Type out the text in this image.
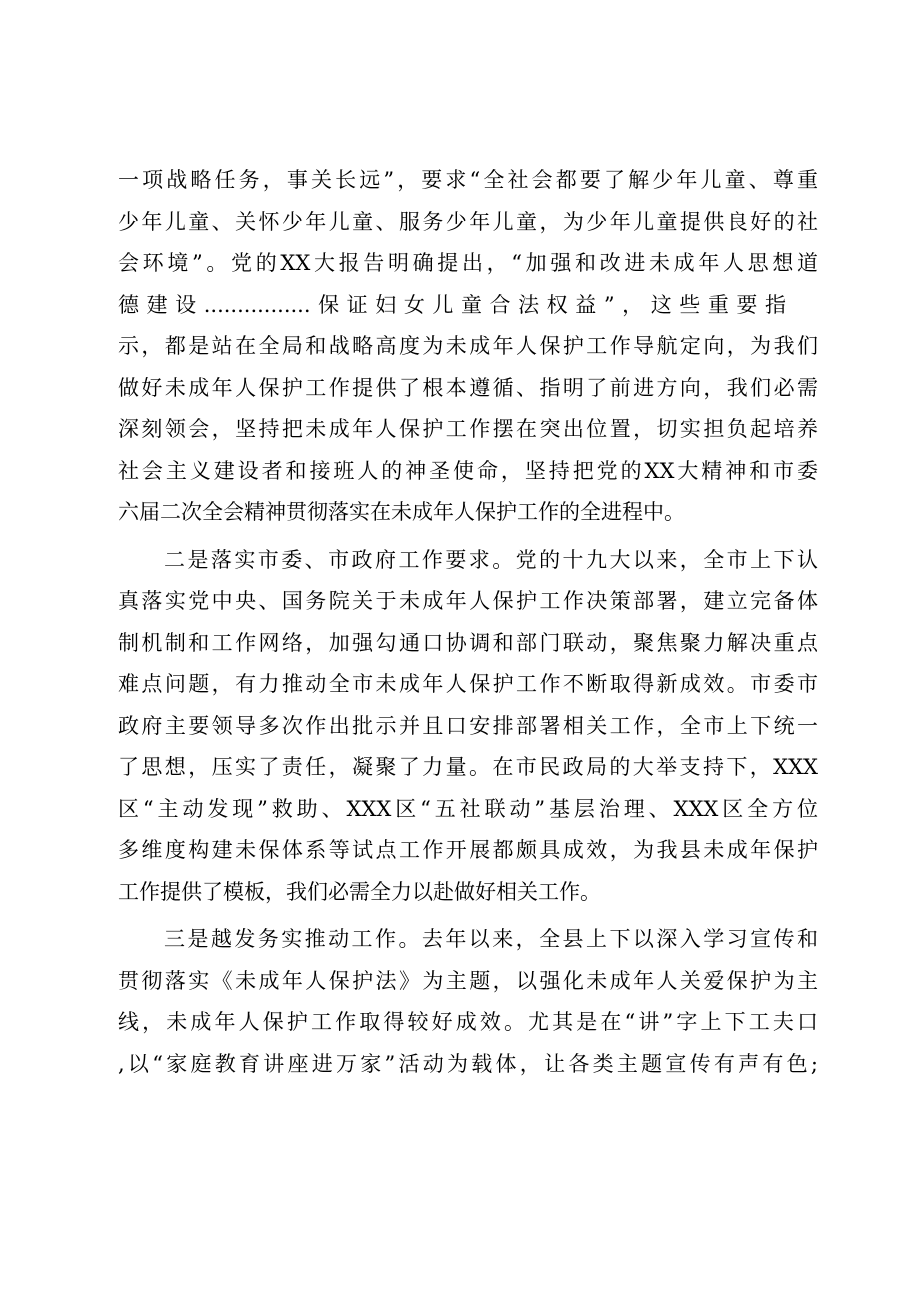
一项战略任务，事关长远”，要求“全社会都要了解少年儿童、尊重
少年儿童、关怀少年儿童、服务少年儿童，为少年儿童提供良好的社
会环境”。党的XX大报告明确提出，“加强和改进未成年人思想道
德建设................保证妇女儿童合法权益”，这些重要指
示，都是站在全局和战略高度为未成年人保护工作导航定向，为我们
做好未成年人保护工作提供了根本遵循、指明了前进方向，我们必需
深刻领会，坚持把未成年人保护工作摆在突出位置，切实担负起培养
社会主义建设者和接班人的神圣使命，坚持把党的XX大精神和市委
六届二次全会精神贯彻落实在未成年人保护工作的全进程中。
二是落实市委、市政府工作要求。党的十九大以来，全市上下认
真落实党中央、国务院关于未成年人保护工作决策部署，建立完备体
制机制和工作网络，加强勾通口协调和部门联动，聚焦聚力解决重点
难点问题，有力推动全市未成年人保护工作不断取得新成效。市委市
政府主要领导多次作出批示并且口安排部署相关工作，全市上下统一
了思想，压实了责任，凝聚了力量。在市民政局的大举支持下，XXX
区“主动发现”救助、XXX区“五社联动”基层治理、XXX区全方位
多维度构建未保体系等试点工作开展都颇具成效，为我县未成年保护
工作提供了模板，我们必需全力以赴做好相关工作。
三是越发务实推动工作。去年以来，全县上下以深入学习宣传和
贯彻落实《未成年人保护法》为主题，以强化未成年人关爱保护为主
线，未成年人保护工作取得较好成效。尤其是在“讲”字上下工夫口
,以“家庭教育讲座进万家”活动为载体，让各类主题宣传有声有色;
